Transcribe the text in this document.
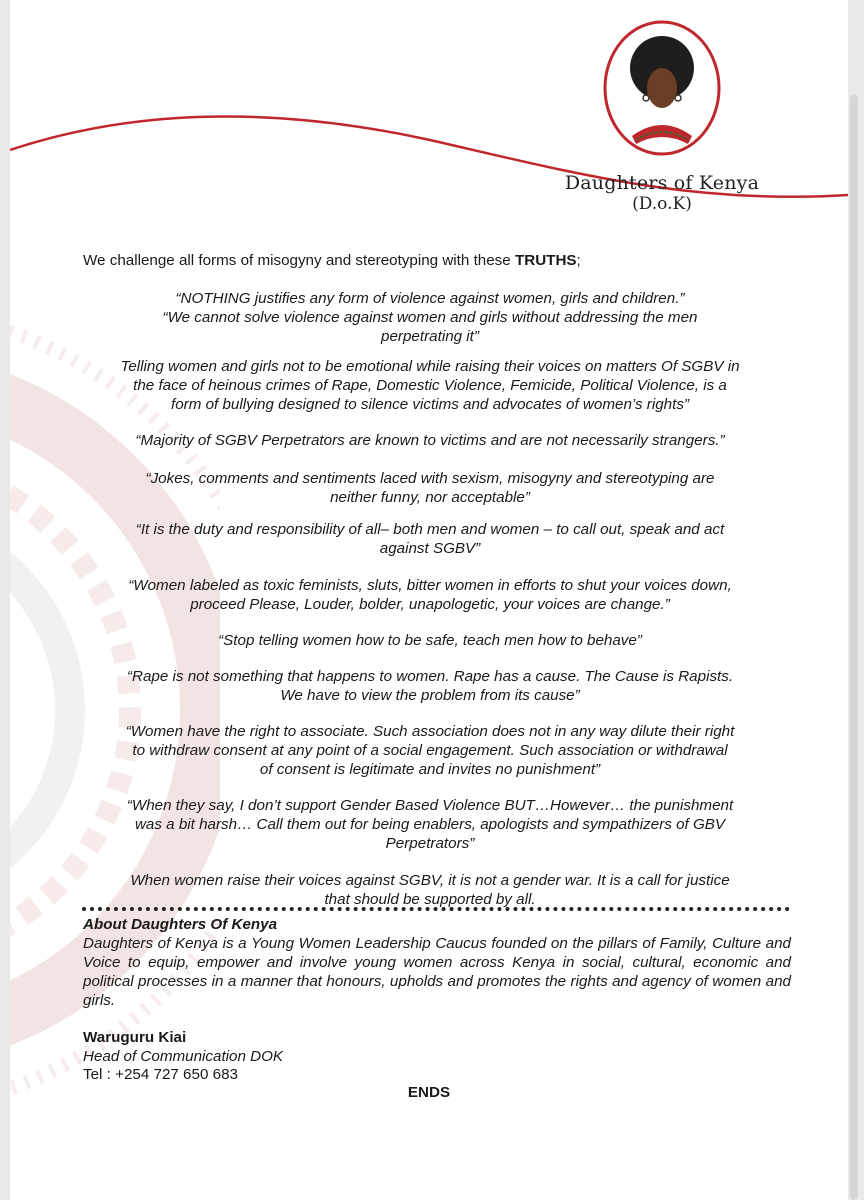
Daughters of Kenya
(D.o.K)
We challenge all forms of misogyny and stereotyping with these TRUTHS;
“NOTHING justifies any form of violence against women, girls and children.”
“We cannot solve violence against women and girls without addressing the men
perpetrating it”
Telling women and girls not to be emotional while raising their voices on matters Of SGBV in
the face of heinous crimes of Rape, Domestic Violence, Femicide, Political Violence, is a
form of bullying designed to silence victims and advocates of women’s rights”
“Majority of SGBV Perpetrators are known to victims and are not necessarily strangers.”
“Jokes, comments and sentiments laced with sexism, misogyny and stereotyping are
neither funny, nor acceptable”
“It is the duty and responsibility of all– both men and women – to call out, speak and act
against SGBV”
“Women labeled as toxic feminists, sluts, bitter women in efforts to shut your voices down,
proceed Please, Louder, bolder, unapologetic, your voices are change.”
“Stop telling women how to be safe, teach men how to behave”
“Rape is not something that happens to women. Rape has a cause. The Cause is Rapists.
We have to view the problem from its cause”
“Women have the right to associate. Such association does not in any way dilute their right
to withdraw consent at any point of a social engagement. Such association or withdrawal
of consent is legitimate and invites no punishment”
“When they say, I don’t support Gender Based Violence BUT…However… the punishment
was a bit harsh… Call them out for being enablers, apologists and sympathizers of GBV
Perpetrators”
When women raise their voices against SGBV, it is not a gender war. It is a call for justice
that should be supported by all.
About Daughters Of Kenya
Daughters of Kenya is a Young Women Leadership Caucus founded on the pillars of Family, Culture and Voice to equip, empower and involve young women across Kenya in social, cultural, economic and political processes in a manner that honours, upholds and promotes the rights and agency of women and girls.
Waruguru Kiai
Head of Communication DOK
Tel : +254 727 650 683
ENDS
